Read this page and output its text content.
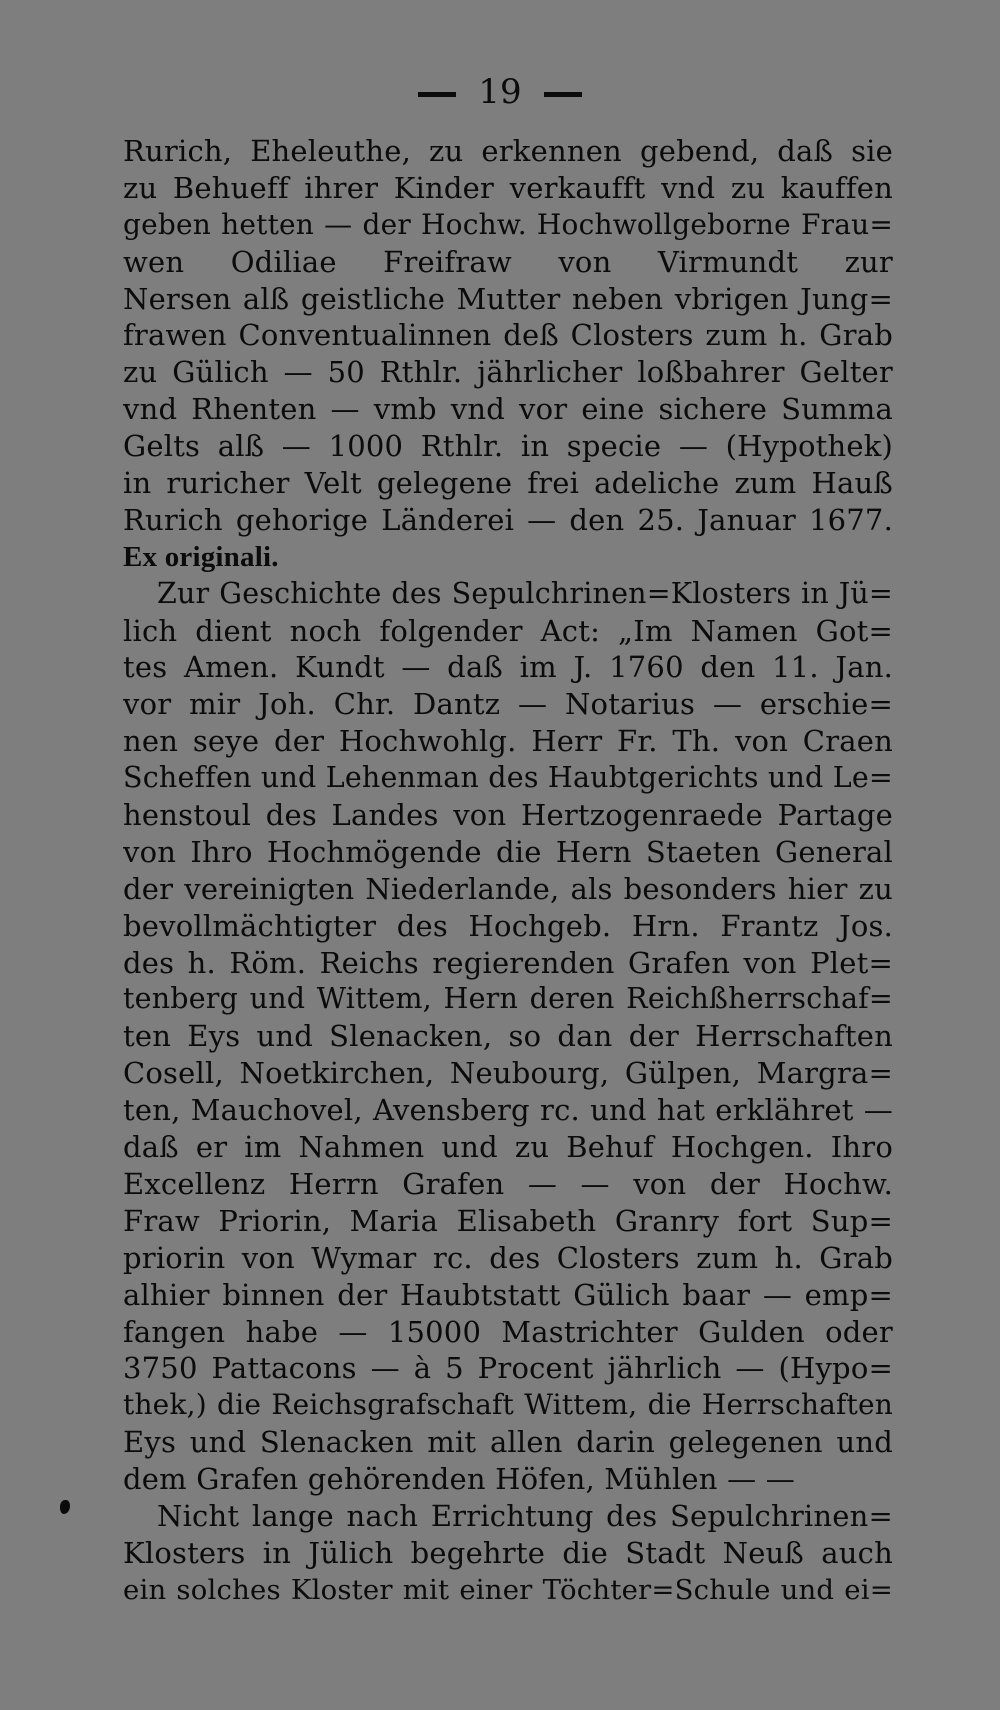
19
Rurich, Eheleuthe, zu erkennen gebend, daß sie
zu Behueff ihrer Kinder verkaufft vnd zu kauffen
geben hetten — der Hochw. Hochwollgeborne Frau=
wen Odiliae Freifraw von Virmundt zur
Nersen alß geistliche Mutter neben vbrigen Jung=
frawen Conventualinnen deß Closters zum h. Grab
zu Gülich — 50 Rthlr. jährlicher loßbahrer Gelter
vnd Rhenten — vmb vnd vor eine sichere Summa
Gelts alß — 1000 Rthlr. in specie — (Hypothek)
in ruricher Velt gelegene frei adeliche zum Hauß
Rurich gehorige Länderei — den 25. Januar 1677.
Ex originali.
Zur Geschichte des Sepulchrinen=Klosters in Jü=
lich dient noch folgender Act: „Im Namen Got=
tes Amen. Kundt — daß im J. 1760 den 11. Jan.
vor mir Joh. Chr. Dantz — Notarius — erschie=
nen seye der Hochwohlg. Herr Fr. Th. von Craen
Scheffen und Lehenman des Haubtgerichts und Le=
henstoul des Landes von Hertzogenraede Partage
von Ihro Hochmögende die Hern Staeten General
der vereinigten Niederlande, als besonders hier zu
bevollmächtigter des Hochgeb. Hrn. Frantz Jos.
des h. Röm. Reichs regierenden Grafen von Plet=
tenberg und Wittem, Hern deren Reichßherrschaf=
ten Eys und Slenacken, so dan der Herrschaften
Cosell, Noetkirchen, Neubourg, Gülpen, Margra=
ten, Mauchovel, Avensberg rc. und hat erklähret —
daß er im Nahmen und zu Behuf Hochgen. Ihro
Excellenz Herrn Grafen — — von der Hochw.
Fraw Priorin, Maria Elisabeth Granry fort Sup=
priorin von Wymar rc. des Closters zum h. Grab
alhier binnen der Haubtstatt Gülich baar — emp=
fangen habe — 15000 Mastrichter Gulden oder
3750 Pattacons — à 5 Procent jährlich — (Hypo=
thek,) die Reichsgrafschaft Wittem, die Herrschaften
Eys und Slenacken mit allen darin gelegenen und
dem Grafen gehörenden Höfen, Mühlen — —
Nicht lange nach Errichtung des Sepulchrinen=
Klosters in Jülich begehrte die Stadt Neuß auch
ein solches Kloster mit einer Töchter=Schule und ei=
